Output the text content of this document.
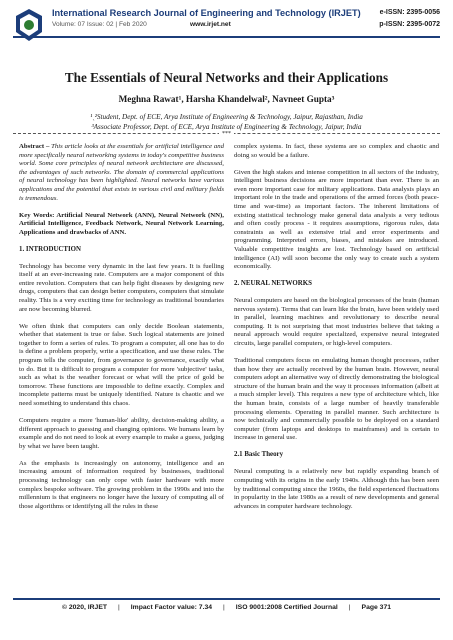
International Research Journal of Engineering and Technology (IRJET)
Volume: 07 Issue: 02 | Feb 2020	www.irjet.net
e-ISSN: 2395-0056
p-ISSN: 2395-0072
The Essentials of Neural Networks and their Applications
Meghna Rawat¹, Harsha Khandelwal², Navneet Gupta³
¹ˎ²Student, Dept. of ECE, Arya Institute of Engineering & Technology, Jaipur, Rajasthan, India
³Associate Professor, Dept. of ECE, Arya Institute of Engineering & Technology, Jaipur, India
***

Abstract – This article looks at the essentials for artificial intelligence and more specifically neural networking systems in today's competitive business world. Some core principles of neural network architecture are discussed, the advantages of such networks. The domain of commercial applications of neural technology has been highlighted. Neural networks have various applications and the potential that exists in various civil and military fields is tremendous.

Key Words: Artificial Neural Network (ANN), Neural Network (NN), Artificial Intelligence, Feedback Network, Neural Network Learning, Applications and drawbacks of ANN.

1. INTRODUCTION

Technology has become very dynamic in the last few years. It is fuelling itself at an ever-increasing rate. Computers are a major component of this entire revolution. Computers that can help fight diseases by designing new drugs, computers that can design better computers, computers that simulate reality. This is a very exciting time for technology as traditional boundaries are now becoming blurred.

We often think that computers can only decide Boolean statements, whether that statement is true or false. Such logical statements are joined together to form a series of rules. To program a computer, all one has to do is define a problem properly, write a specification, and use these rules. The program tells the computer, from governance to governance, exactly what to do. But it is difficult to program a computer for more 'subjective' tasks, such as what is the weather forecast or what will the price of gold be tomorrow. These functions are impossible to define exactly. Complex and incomplete patterns must be uniquely identified. Nature is chaotic and we need something to understand this chaos.

Computers require a more 'human-like' ability, decision-making ability, a different approach to guessing and changing opinions. We humans learn by example and do not need to look at every example to make a guess, judging by what we have been taught.

As the emphasis is increasingly on autonomy, intelligence and an increasing amount of information required by businesses, traditional processing technology can only cope with faster hardware with more complex bespoke software. The growing problem in the 1990s and into the millennium is that engineers no longer have the luxury of computing all of those algorithms or identifying all the rules in these

complex systems. In fact, these systems are so complex and chaotic and doing so would be a failure.

Given the high stakes and intense competition in all sectors of the industry, intelligent business decisions are more important than ever. There is an even more important case for military applications. Data analysis plays an important role in the trade and operations of the armed forces (both peace-time and war-time) as important factors. The inherent limitations of existing statistical technology make general data analysis a very tedious and often costly process - it requires assumptions, rigorous rules, data constraints as well as extensive trial and error experiments and programming. Interpreted errors, biases, and mistakes are introduced. Valuable competitive insights are lost. Technology based on artificial intelligence (AI) will soon become the only way to create such a system economically.

2. NEURAL NETWORKS

Neural computers are based on the biological processes of the brain (human nervous system). Terms that can learn like the brain, have been widely used in parallel, learning machines and revolutionary to describe neural computing. It is not surprising that most industries believe that taking a neural approach would require specialized, expensive neural integrated circuits, large parallel computers, or high-level computers.

Traditional computers focus on emulating human thought processes, rather than how they are actually received by the human brain. However, neural computers adopt an alternative way of directly demonstrating the biological structure of the human brain and the way it processes information (albeit at a much simpler level). This requires a new type of architecture which, like the human brain, consists of a large number of heavily transferable processing elements. Operating in parallel manner. Such architecture is now technically and commercially possible to be deployed on a standard computer (from laptops and desktops to mainframes) and is certain to increase in general use.

2.1 Basic Theory

Neural computing is a relatively new but rapidly expanding branch of computing with its origins in the early 1940s. Although this has been seen by traditional computing since the 1960s, the field experienced fluctuations in popularity in the late 1980s as a result of new developments and general advances in computer hardware technology.

© 2020, IRJET | Impact Factor value: 7.34 | ISO 9001:2008 Certified Journal | Page 371
